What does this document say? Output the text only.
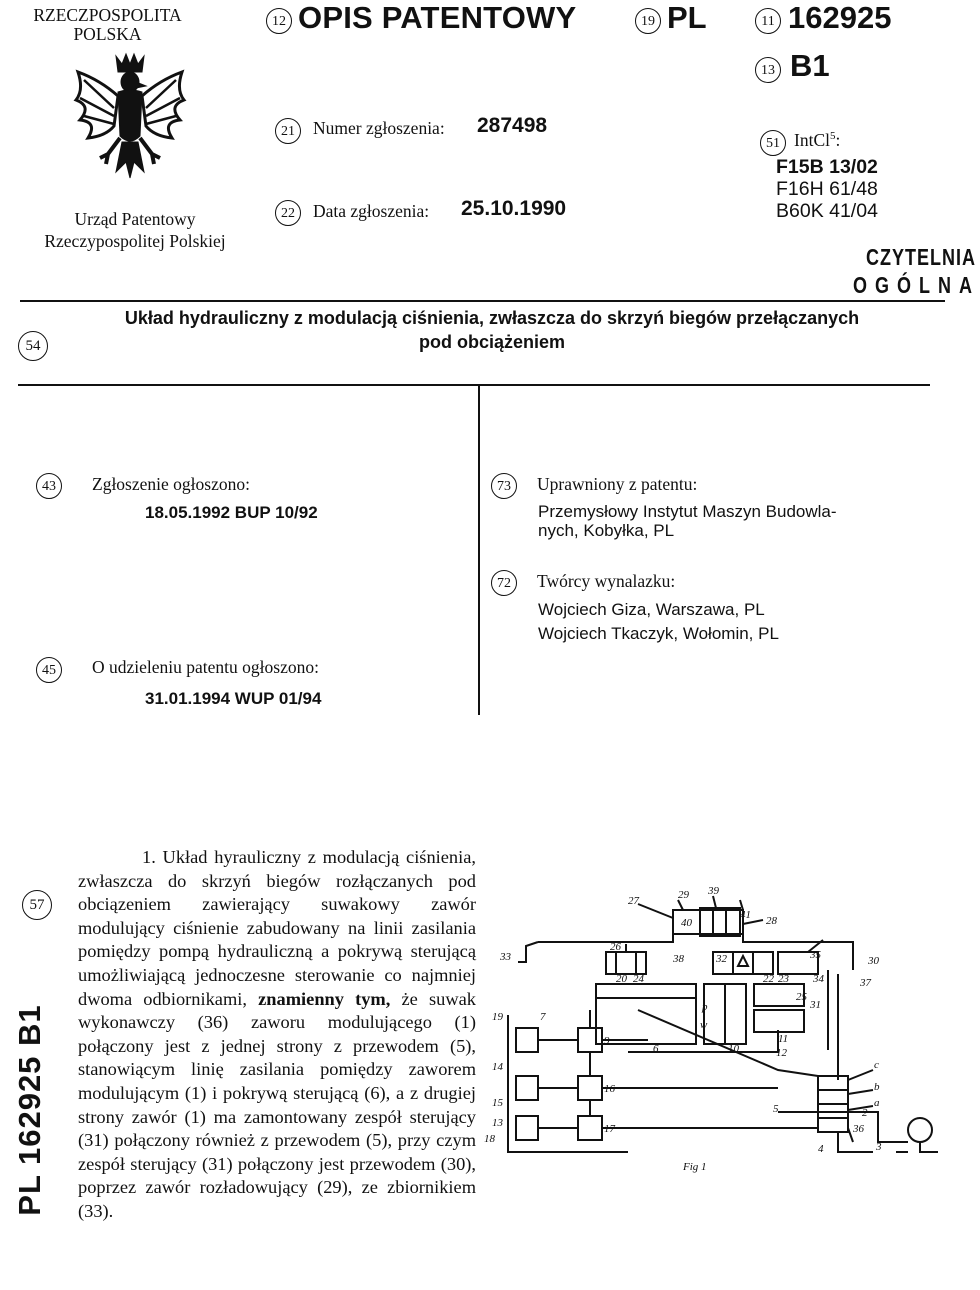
RZECZPOSPOLITA
POLSKA
Urząd Patentowy
Rzeczypospolitej Polskiej
12 OPIS PATENTOWY	19 PL	11 162925
13 B1
21	Numer zgłoszenia: 287498
22	Data zgłoszenia: 25.10.1990
51 IntCl$^5$:
F15B 13/02
F16H 61/48
B60K 41/04
CZYTELNIA
OGÓLNA
54
Układ hydrauliczny z modulacją ciśnienia, zwłaszcza do skrzyń biegów przełączanych
pod obciążeniem
43	Zgłoszenie ogłoszono:
18.05.1992 BUP 10/92
45	O udzieleniu patentu ogłoszono:
31.01.1994 WUP 01/94
73	Uprawniony z patentu:
Przemysłowy Instytut Maszyn Budowla-
nych, Kobyłka, PL
72	Twórcy wynalazku:
Wojciech Giza, Warszawa, PL
Wojciech Tkaczyk, Wołomin, PL
57
1. Układ hyrauliczny z modulacją ciśnienia, zwłaszcza do skrzyń biegów rozłączanych pod obciązeniem zawierający suwakowy zawór modulujący ciśnienie zabudowany na linii zasilania pomiędzy pompą hydrauliczną a pokrywą sterującą umożliwiającą jednoczesne sterowanie co najmniej dwoma odbiornikami, znamienny tym, że suwak wykonawczy (36) zaworu modulującego (1) połączony jest z jednej strony z przewodem (5), stanowiącym linię zasilania pomiędzy zaworem modulującym (1) i pokrywą sterującą (6), a z drugiej strony zawór (1) ma zamontowany zespół sterujący (31) połączony również z przewodem (5), przy czym zespół sterujący (31) połączony jest przewodem (30), poprzez zawór rozładowujący (29), ze zbiornikiem (33).
PL 162925 B1
27	29 39
40
41 28
26
38
33	35	30
32
20 24	22 23 34
31
25
p
w
37
19	7
14
6
9
10
11
12
c
b
a
5
15
16
13	17
18
2
36
4	3
Fig 1
